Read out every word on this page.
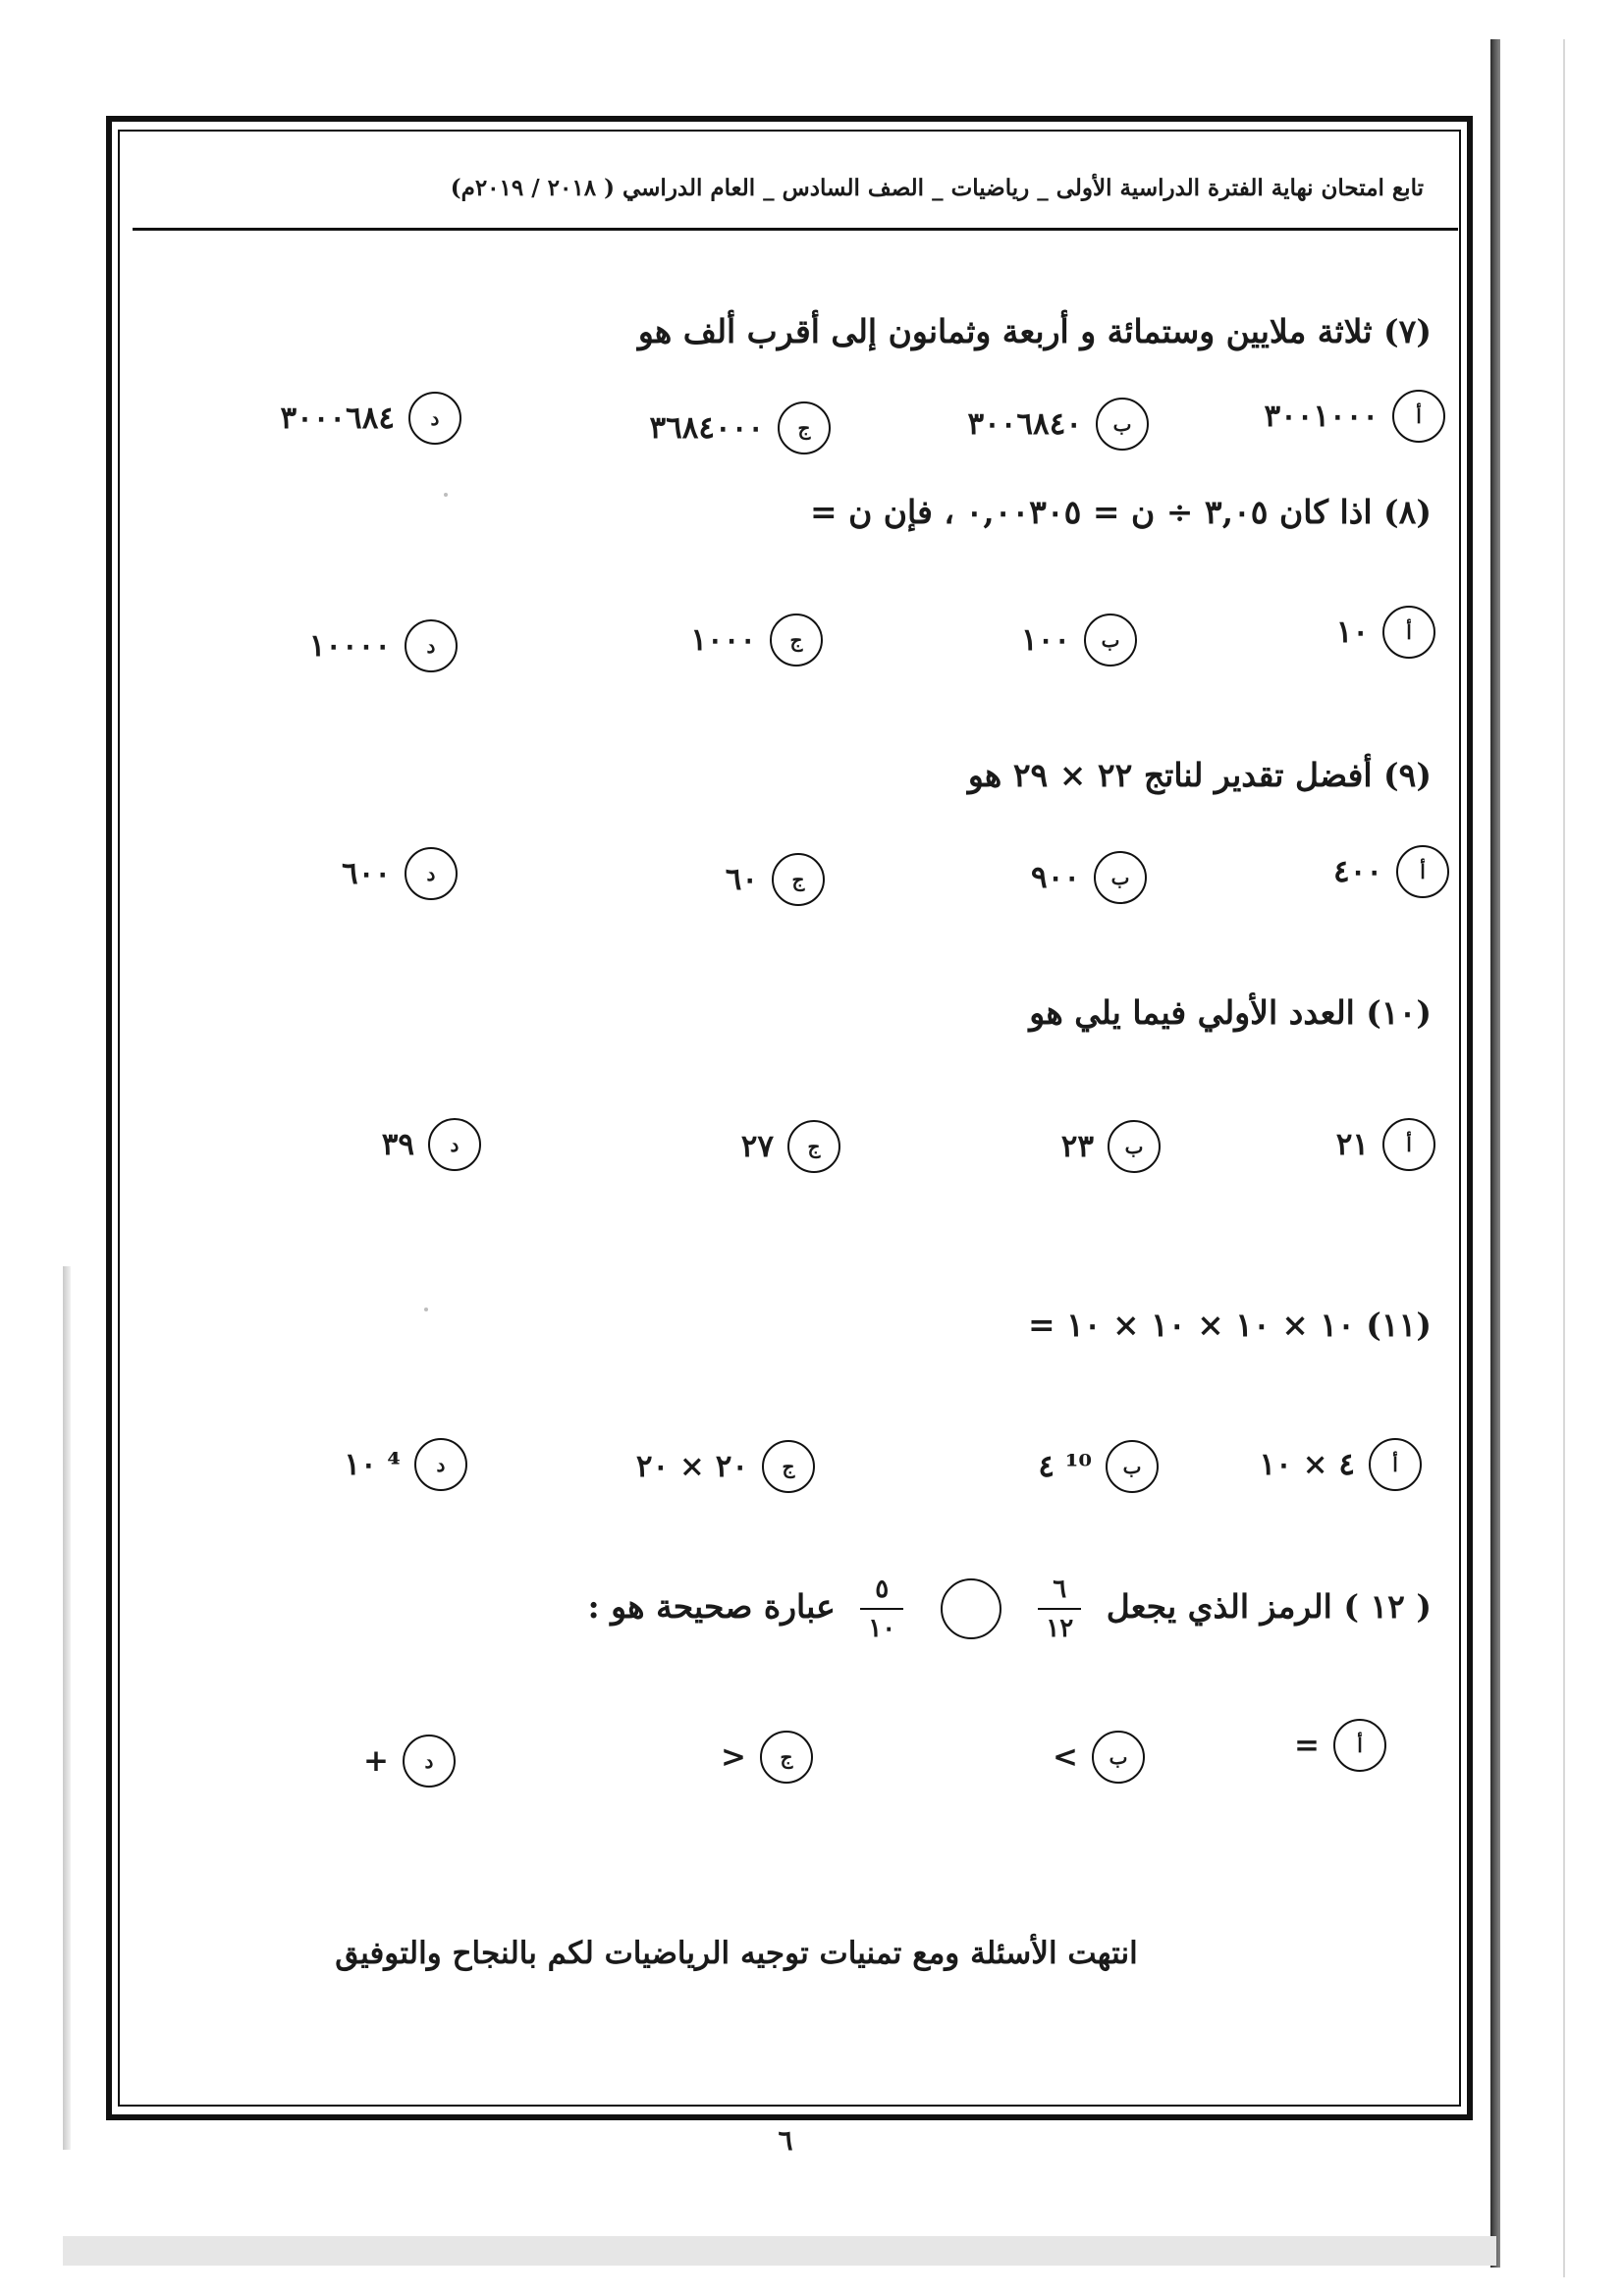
تابع امتحان نهاية الفترة الدراسية الأولى _ رياضيات _ الصف السادس _ العام الدراسي ( ٢٠١٨ / ٢٠١٩م)
(٧) ثلاثة ملايين وستمائة و أربعة وثمانون إلى أقرب ألف هو
أ
٣٠٠١٠٠٠
ب
٣٠٠٦٨٤٠
ج
٣٦٨٤٠٠٠
د
٣٠٠٠٦٨٤
(٨) اذا كان ٣,٠٥ ÷ ن = ٠,٠٠٣٠٥ ، فإن ن =
أ
١٠
ب
١٠٠
ج
١٠٠٠
د
١٠٠٠٠
(٩) أفضل تقدير لناتج ٢٢ × ٢٩ هو
أ
٤٠٠
ب
٩٠٠
ج
٦٠
د
٦٠٠
(١٠) العدد الأولي فيما يلي هو
أ
٢١
ب
٢٣
ج
٢٧
د
٣٩
(١١) ١٠ × ١٠ × ١٠ × ١٠ =
أ
٤ × ١٠
ب
٤ ¹⁰
ج
٢٠ × ٢٠
د
١٠ ⁴
( ١٢ ) الرمز الذي يجعل
$\frac{٦}{١٢}$

$\frac{٥}{١٠}$
عبارة صحيحة هو :
أ
=
ب
<
ج
>
د
+
انتهت الأسئلة ومع تمنيات توجيه الرياضيات لكم بالنجاح والتوفيق
٦
